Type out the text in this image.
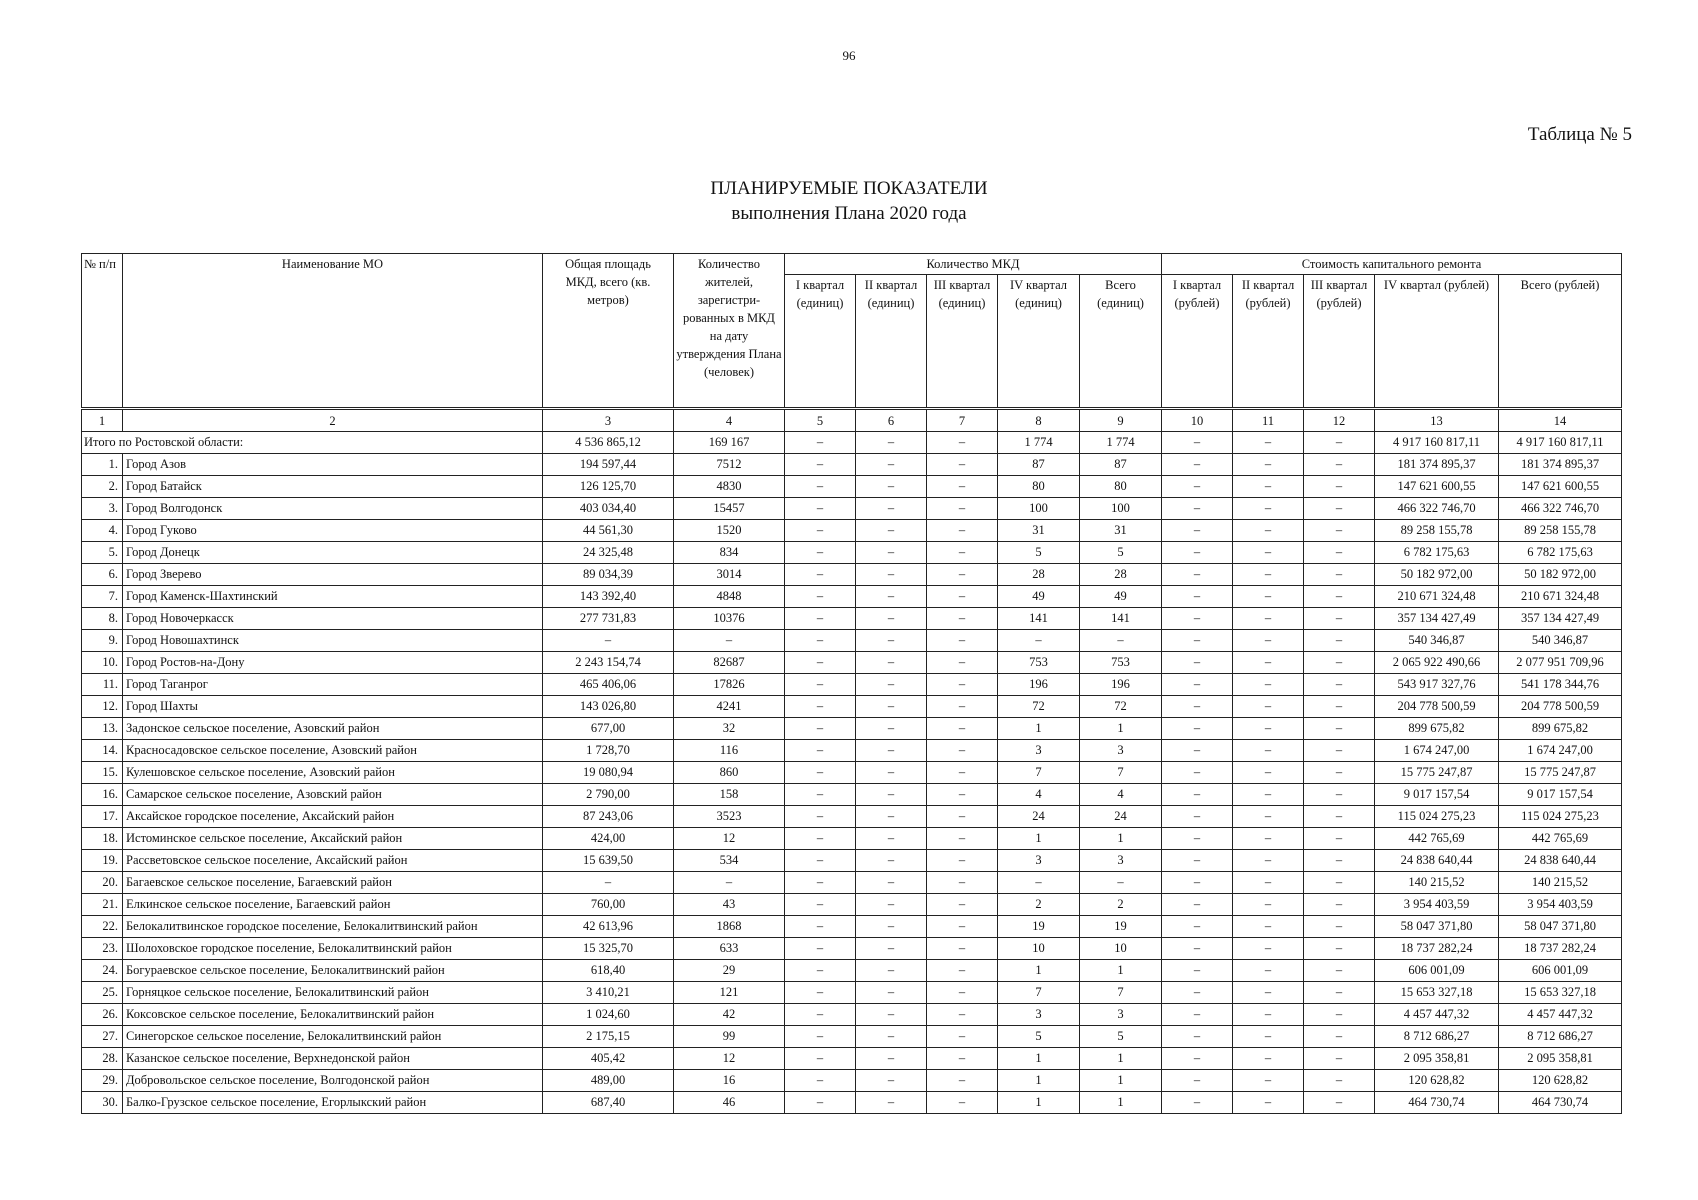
96
Таблица № 5
ПЛАНИРУЕМЫЕ ПОКАЗАТЕЛИ
выполнения Плана 2020 года
№ п/п	Наименование МО	Общая площадь МКД, всего (кв. метров)	Количество жителей, зарегистри-рованных в МКД на дату утверждения Плана (человек)	Количество МКД					Стоимость капитального ремонта				
				I квартал (единиц)	II квартал (единиц)	III квартал (единиц)	IV квартал (единиц)	Всего (единиц)	I квартал (рублей)	II квартал (рублей)	III квартал (рублей)	IV квартал (рублей)	Всего (рублей)
1	2	3	4	5	6	7	8	9	10	11	12	13	14
Итого по Ростовской области:		4 536 865,12	169 167	–	–	–	1 774	1 774	–	–	–	4 917 160 817,11	4 917 160 817,11
1.	Город Азов	194 597,44	7512	–	–	–	87	87	–	–	–	181 374 895,37	181 374 895,37
2.	Город Батайск	126 125,70	4830	–	–	–	80	80	–	–	–	147 621 600,55	147 621 600,55
3.	Город Волгодонск	403 034,40	15457	–	–	–	100	100	–	–	–	466 322 746,70	466 322 746,70
4.	Город Гуково	44 561,30	1520	–	–	–	31	31	–	–	–	89 258 155,78	89 258 155,78
5.	Город Донецк	24 325,48	834	–	–	–	5	5	–	–	–	6 782 175,63	6 782 175,63
6.	Город Зверево	89 034,39	3014	–	–	–	28	28	–	–	–	50 182 972,00	50 182 972,00
7.	Город Каменск-Шахтинский	143 392,40	4848	–	–	–	49	49	–	–	–	210 671 324,48	210 671 324,48
8.	Город Новочеркасск	277 731,83	10376	–	–	–	141	141	–	–	–	357 134 427,49	357 134 427,49
9.	Город Новошахтинск	–	–	–	–	–	–	–	–	–	–	540 346,87	540 346,87
10.	Город Ростов-на-Дону	2 243 154,74	82687	–	–	–	753	753	–	–	–	2 065 922 490,66	2 077 951 709,96
11.	Город Таганрог	465 406,06	17826	–	–	–	196	196	–	–	–	543 917 327,76	541 178 344,76
12.	Город Шахты	143 026,80	4241	–	–	–	72	72	–	–	–	204 778 500,59	204 778 500,59
13.	Задонское сельское поселение, Азовский район	677,00	32	–	–	–	1	1	–	–	–	899 675,82	899 675,82
14.	Красносадовское сельское поселение, Азовский район	1 728,70	116	–	–	–	3	3	–	–	–	1 674 247,00	1 674 247,00
15.	Кулешовское сельское поселение, Азовский район	19 080,94	860	–	–	–	7	7	–	–	–	15 775 247,87	15 775 247,87
16.	Самарское сельское поселение, Азовский район	2 790,00	158	–	–	–	4	4	–	–	–	9 017 157,54	9 017 157,54
17.	Аксайское городское поселение, Аксайский район	87 243,06	3523	–	–	–	24	24	–	–	–	115 024 275,23	115 024 275,23
18.	Истоминское сельское поселение, Аксайский район	424,00	12	–	–	–	1	1	–	–	–	442 765,69	442 765,69
19.	Рассветовское сельское поселение, Аксайский район	15 639,50	534	–	–	–	3	3	–	–	–	24 838 640,44	24 838 640,44
20.	Багаевское сельское поселение, Багаевский район	–	–	–	–	–	–	–	–	–	–	140 215,52	140 215,52
21.	Елкинское сельское поселение, Багаевский район	760,00	43	–	–	–	2	2	–	–	–	3 954 403,59	3 954 403,59
22.	Белокалитвинское городское поселение, Белокалитвинский район	42 613,96	1868	–	–	–	19	19	–	–	–	58 047 371,80	58 047 371,80
23.	Шолоховское городское поселение, Белокалитвинский район	15 325,70	633	–	–	–	10	10	–	–	–	18 737 282,24	18 737 282,24
24.	Богураевское сельское поселение, Белокалитвинский район	618,40	29	–	–	–	1	1	–	–	–	606 001,09	606 001,09
25.	Горняцкое сельское поселение, Белокалитвинский район	3 410,21	121	–	–	–	7	7	–	–	–	15 653 327,18	15 653 327,18
26.	Коксовское сельское поселение, Белокалитвинский район	1 024,60	42	–	–	–	3	3	–	–	–	4 457 447,32	4 457 447,32
27.	Синегорское сельское поселение, Белокалитвинский район	2 175,15	99	–	–	–	5	5	–	–	–	8 712 686,27	8 712 686,27
28.	Казанское сельское поселение, Верхнедонской район	405,42	12	–	–	–	1	1	–	–	–	2 095 358,81	2 095 358,81
29.	Добровольское сельское поселение, Волгодонской район	489,00	16	–	–	–	1	1	–	–	–	120 628,82	120 628,82
30.	Балко-Грузское сельское поселение, Егорлыкский район	687,40	46	–	–	–	1	1	–	–	–	464 730,74	464 730,74
